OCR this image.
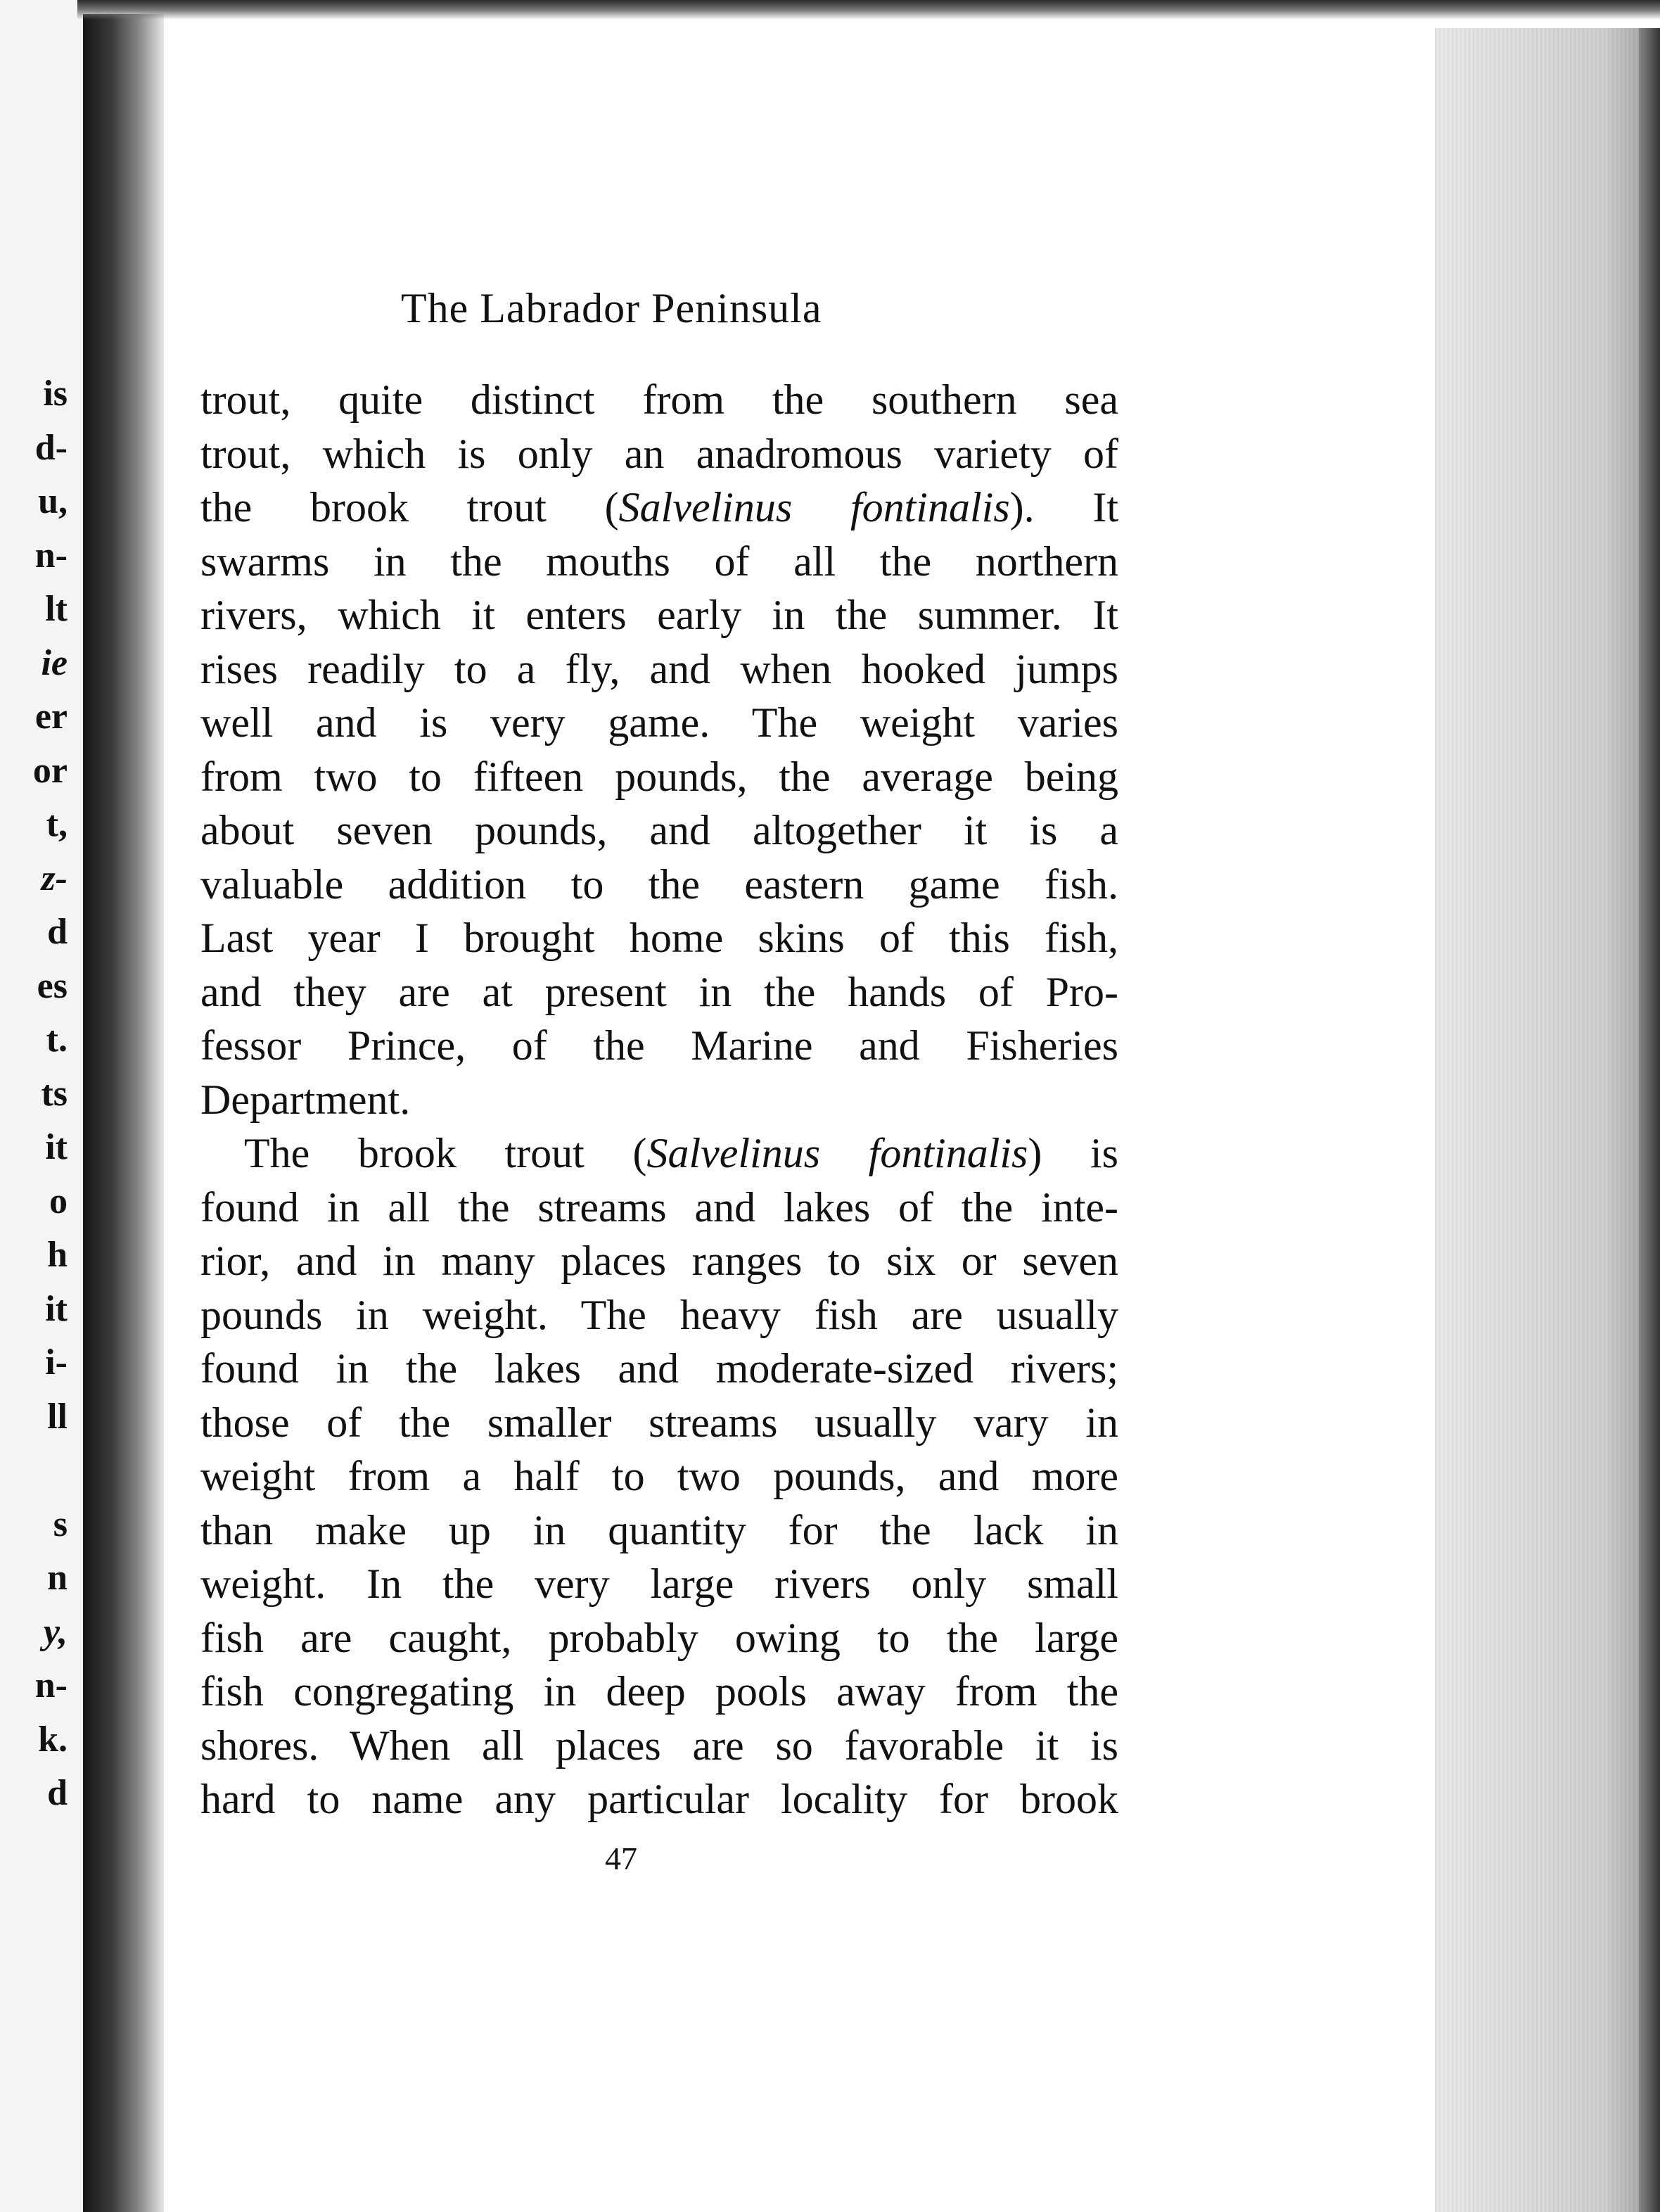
is
d-
u,
n-
lt
ie
er
or
t,
z-
d
es
t.
ts
it
o
h
it
i-
ll
s
n
y,
n-
k.
d
The Labrador Peninsula
trout, quite distinct from the southern sea
trout, which is only an anadromous variety of
the brook trout (Salvelinus fontinalis). It
swarms in the mouths of all the northern
rivers, which it enters early in the summer. It
rises readily to a fly, and when hooked jumps
well and is very game. The weight varies
from two to fifteen pounds, the average being
about seven pounds, and altogether it is a
valuable addition to the eastern game fish.
Last year I brought home skins of this fish,
and they are at present in the hands of Pro-
fessor Prince, of the Marine and Fisheries
Department.
The brook trout (Salvelinus fontinalis) is
found in all the streams and lakes of the inte-
rior, and in many places ranges to six or seven
pounds in weight. The heavy fish are usually
found in the lakes and moderate-sized rivers;
those of the smaller streams usually vary in
weight from a half to two pounds, and more
than make up in quantity for the lack in
weight. In the very large rivers only small
fish are caught, probably owing to the large
fish congregating in deep pools away from the
shores. When all places are so favorable it is
hard to name any particular locality for brook
47
